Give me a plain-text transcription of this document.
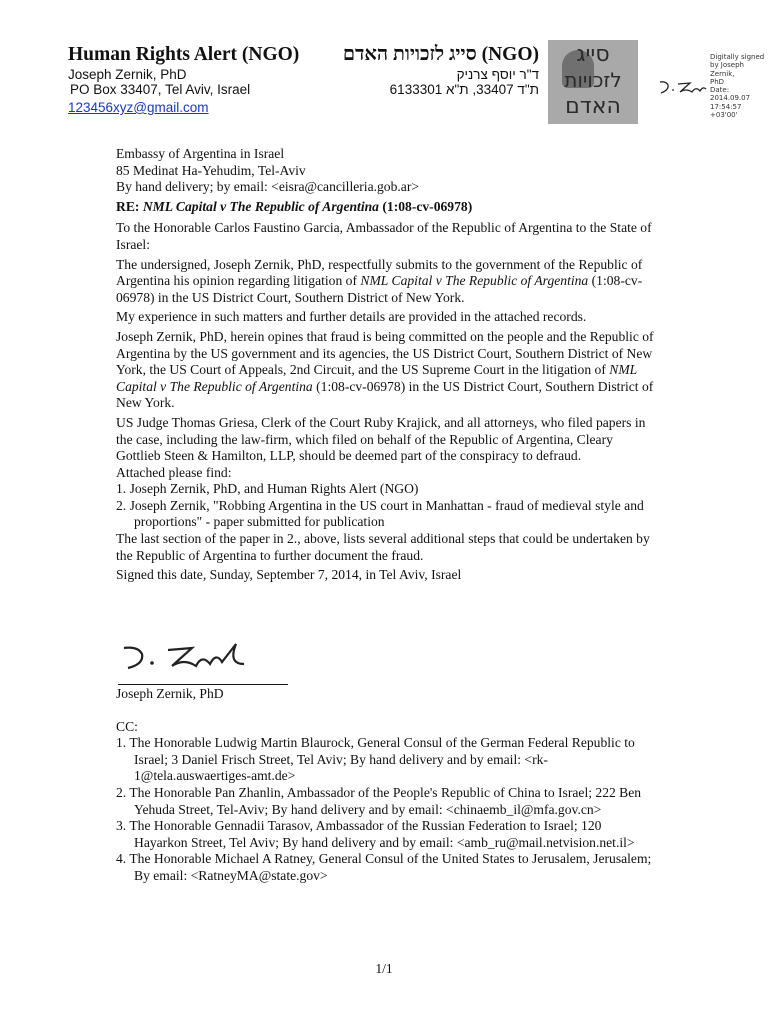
Human Rights Alert (NGO) (NGO) סייג לזכויות האדם
Joseph Zernik, PhD
PO Box 33407, Tel Aviv, Israel
123456xyz@gmail.com
ד"ר יוסף צרניק
ת"ד 33407, ת"א 6133301
סייג
לזכויות
האדם
Digitally signed
by Joseph Zernik,
PhD
Date: 2014.09.07
17:54:57 +03'00'

Embassy of Argentina in Israel

85 Medinat Ha-Yehudim, Tel-Aviv

By hand delivery; by email: <eisra@cancilleria.gob.ar>

RE: NML Capital v The Republic of Argentina (1:08-cv-06978)

To the Honorable Carlos Faustino Garcia, Ambassador of the Republic of Argentina to the State of Israel:

The undersigned, Joseph Zernik, PhD, respectfully submits to the government of the Republic of Argentina his opinion regarding litigation of NML Capital v The Republic of Argentina (1:08-cv-06978) in the US District Court, Southern District of New York.

My experience in such matters and further details are provided in the attached records.

Joseph Zernik, PhD, herein opines that fraud is being committed on the people and the Republic of Argentina by the US government and its agencies, the US District Court, Southern District of New York, the US Court of Appeals, 2nd Circuit, and the US Supreme Court in the litigation of NML Capital v The Republic of Argentina (1:08-cv-06978) in the US District Court, Southern District of New York.

US Judge Thomas Griesa, Clerk of the Court Ruby Krajick, and all attorneys, who filed papers in the case, including the law-firm, which filed on behalf of the Republic of Argentina, Cleary Gottlieb Steen & Hamilton, LLP, should be deemed part of the conspiracy to defraud.

Attached please find:

1. Joseph Zernik, PhD, and Human Rights Alert (NGO)
2. Joseph Zernik, "Robbing Argentina in the US court in Manhattan - fraud of medieval style and proportions" - paper submitted for publication

The last section of the paper in 2., above, lists several additional steps that could be undertaken by the Republic of Argentina to further document the fraud.

Signed this date, Sunday, September 7, 2014, in Tel Aviv, Israel

Joseph Zernik, PhD

CC:

1. The Honorable Ludwig Martin Blaurock, General Consul of the German Federal Republic to Israel; 3 Daniel Frisch Street, Tel Aviv; By hand delivery and by email: <rk-1@tela.auswaertiges-amt.de>
2. The Honorable Pan Zhanlin, Ambassador of the People's Republic of China to Israel; 222 Ben Yehuda Street, Tel-Aviv; By hand delivery and by email: <chinaemb_il@mfa.gov.cn>
3. The Honorable Gennadii Tarasov, Ambassador of the Russian Federation to Israel; 120 Hayarkon Street, Tel Aviv; By hand delivery and by email: <amb_ru@mail.netvision.net.il>
4. The Honorable Michael A Ratney, General Consul of the United States to Jerusalem, Jerusalem; By email: <RatneyMA@state.gov>
1/1
